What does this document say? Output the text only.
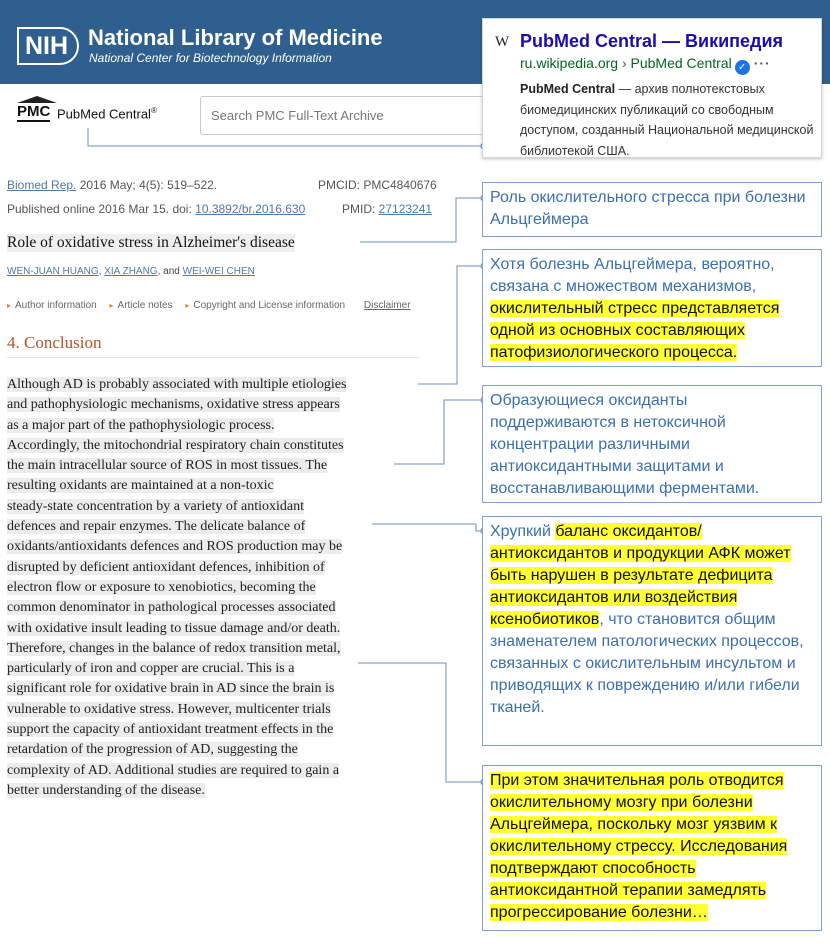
NIH National Library of Medicine
National Center for Biotechnology Information
PMC PubMed Central®
Search PMC Full-Text Archive
Biomed Rep. 2016 May; 4(5): 519–522.	PMCID: PMC4840676
Published online 2016 Mar 15. doi: 10.3892/br.2016.630	PMID: 27123241
Role of oxidative stress in Alzheimer's disease
WEN-JUAN HUANG, XIA ZHANG, and WEI-WEI CHEN
▸ Author information ▸ Article notes ▸ Copyright and License information Disclaimer
4. Conclusion
Although AD is probably associated with multiple etiologies
and pathophysiologic mechanisms, oxidative stress appears
as a major part of the pathophysiologic process.
Accordingly, the mitochondrial respiratory chain constitutes
the main intracellular source of ROS in most tissues. The
resulting oxidants are maintained at a non-toxic
steady-state concentration by a variety of antioxidant
defences and repair enzymes. The delicate balance of
oxidants/antioxidants defences and ROS production may be
disrupted by deficient antioxidant defences, inhibition of
electron flow or exposure to xenobiotics, becoming the
common denominator in pathological processes associated
with oxidative insult leading to tissue damage and/or death.
Therefore, changes in the balance of redox transition metal,
particularly of iron and copper are crucial. This is a
significant role for oxidative brain in AD since the brain is
vulnerable to oxidative stress. However, multicenter trials
support the capacity of antioxidant treatment effects in the
retardation of the progression of AD, suggesting the
complexity of AD. Additional studies are required to gain a
better understanding of the disease.
W PubMed Central — Википедия
ru.wikipedia.org › PubMed Central ✓ ···
PubMed Central — архив полнотекстовых биомедицинских публикаций со свободным доступом, созданный Национальной медицинской библиотекой США.
Роль окислительного стресса при болезни Альцгеймера
Хотя болезнь Альцгеймера, вероятно, связана с множеством механизмов, окислительный стресс представляется одной из основных составляющих патофизиологического процесса.
Образующиеся оксиданты поддерживаются в нетоксичной концентрации различными антиоксидантными защитами и восстанавливающими ферментами.
Хрупкий баланс оксидантов/антиоксидантов и продукции АФК может быть нарушен в результате дефицита антиоксидантов или воздействия ксенобиотиков, что становится общим знаменателем патологических процессов, связанных с окислительным инсультом и приводящих к повреждению и/или гибели тканей.
При этом значительная роль отводится окислительному мозгу при болезни Альцгеймера, поскольку мозг уязвим к окислительному стрессу. Исследования подтверждают способность антиоксидантной терапии замедлять прогрессирование болезни…
